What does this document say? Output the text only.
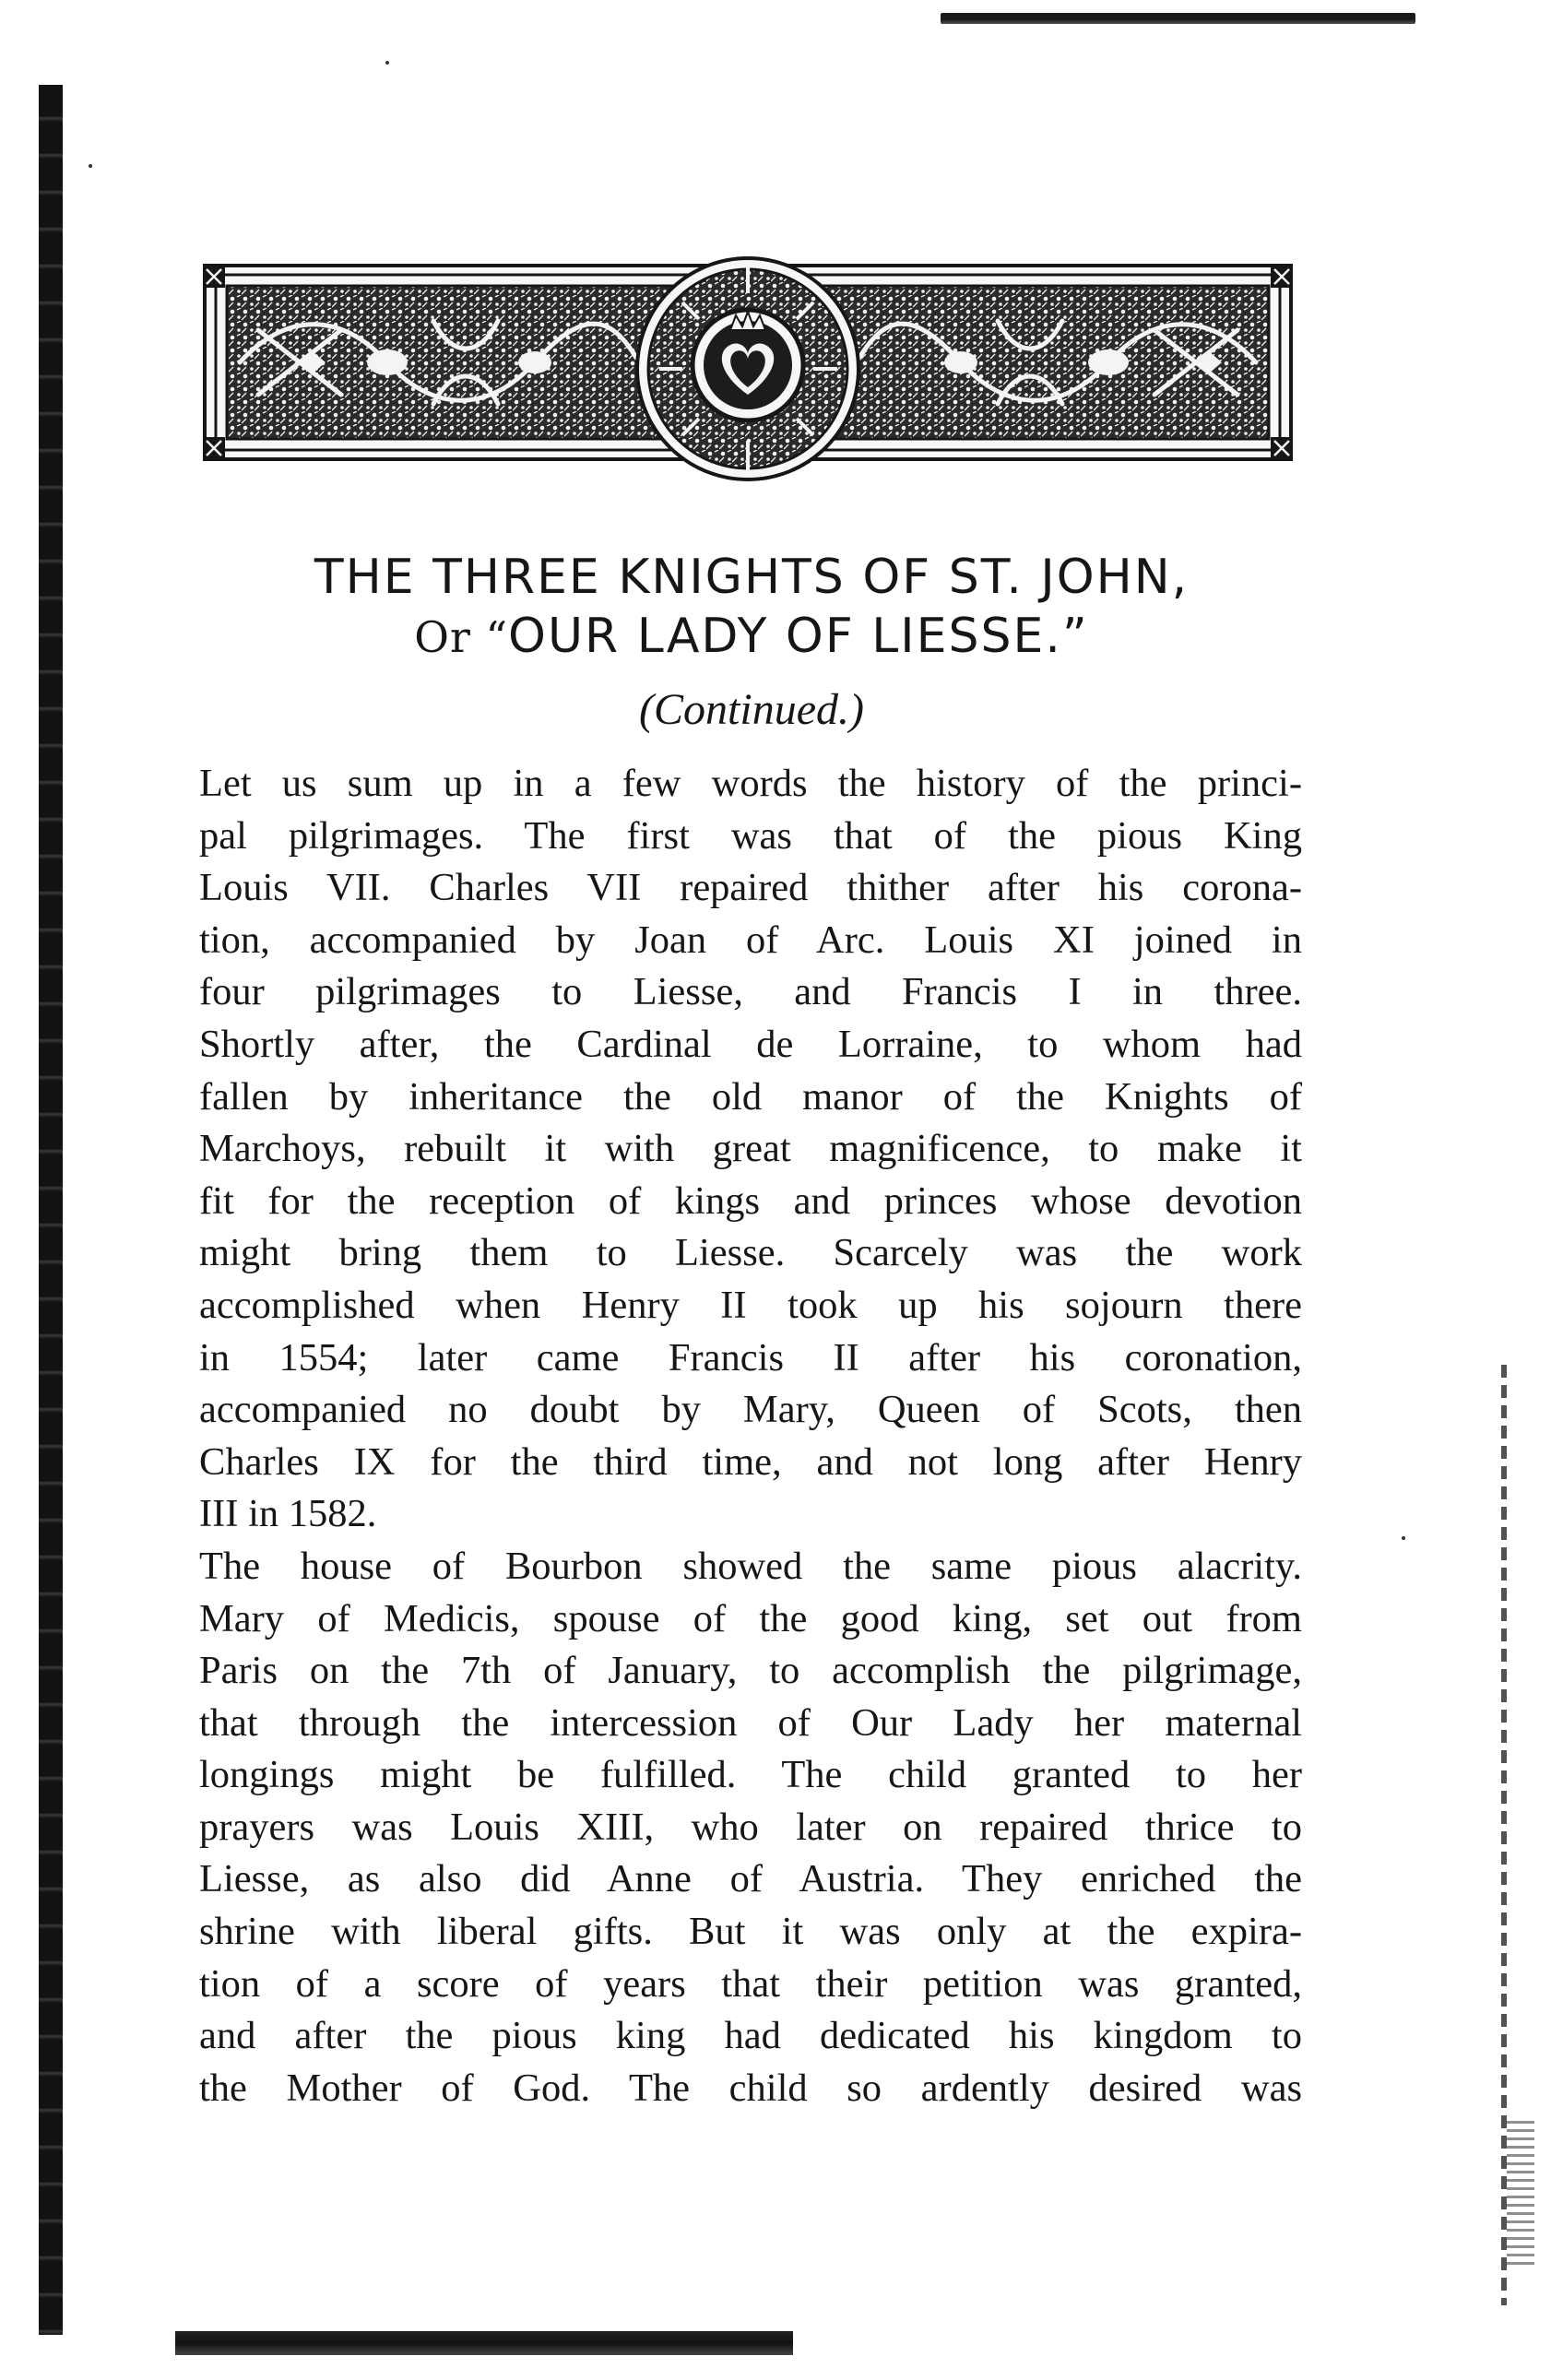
THE THREE KNIGHTS OF ST. JOHN,
Or “OUR LADY OF LIESSE.”
(Continued.)
Let us sum up in a few words the history of the princi-
pal pilgrimages. The first was that of the pious King
Louis VII. Charles VII repaired thither after his corona-
tion, accompanied by Joan of Arc. Louis XI joined in
four pilgrimages to Liesse, and Francis I in three.
Shortly after, the Cardinal de Lorraine, to whom had
fallen by inheritance the old manor of the Knights of
Marchoys, rebuilt it with great magnificence, to make it
fit for the reception of kings and princes whose devotion
might bring them to Liesse. Scarcely was the work
accomplished when Henry II took up his sojourn there
in 1554; later came Francis II after his coronation,
accompanied no doubt by Mary, Queen of Scots, then
Charles IX for the third time, and not long after Henry
III in 1582.
The house of Bourbon showed the same pious alacrity.
Mary of Medicis, spouse of the good king, set out from
Paris on the 7th of January, to accomplish the pilgrimage,
that through the intercession of Our Lady her maternal
longings might be fulfilled. The child granted to her
prayers was Louis XIII, who later on repaired thrice to
Liesse, as also did Anne of Austria. They enriched the
shrine with liberal gifts. But it was only at the expira-
tion of a score of years that their petition was granted,
and after the pious king had dedicated his kingdom to
the Mother of God. The child so ardently desired was
